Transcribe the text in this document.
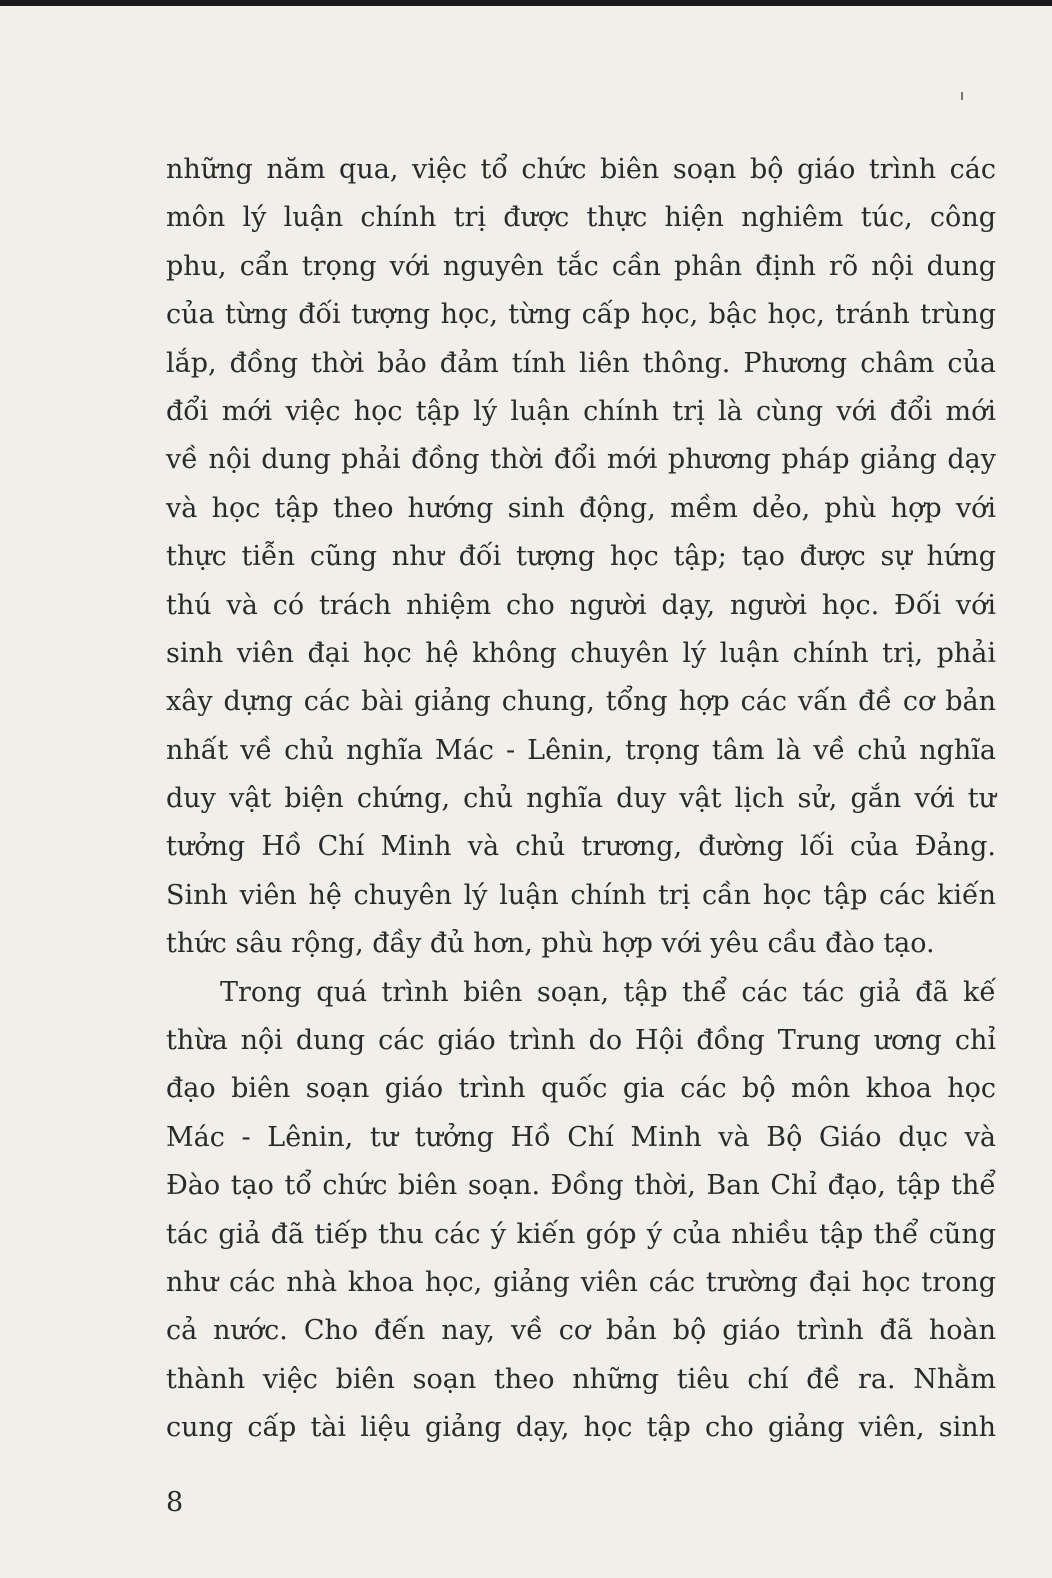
những năm qua, việc tổ chức biên soạn bộ giáo trình các
môn lý luận chính trị được thực hiện nghiêm túc, công
phu, cẩn trọng với nguyên tắc cần phân định rõ nội dung
của từng đối tượng học, từng cấp học, bậc học, tránh trùng
lắp, đồng thời bảo đảm tính liên thông. Phương châm của
đổi mới việc học tập lý luận chính trị là cùng với đổi mới
về nội dung phải đồng thời đổi mới phương pháp giảng dạy
và học tập theo hướng sinh động, mềm dẻo, phù hợp với
thực tiễn cũng như đối tượng học tập; tạo được sự hứng
thú và có trách nhiệm cho người dạy, người học. Đối với
sinh viên đại học hệ không chuyên lý luận chính trị, phải
xây dựng các bài giảng chung, tổng hợp các vấn đề cơ bản
nhất về chủ nghĩa Mác - Lênin, trọng tâm là về chủ nghĩa
duy vật biện chứng, chủ nghĩa duy vật lịch sử, gắn với tư
tưởng Hồ Chí Minh và chủ trương, đường lối của Đảng.
Sinh viên hệ chuyên lý luận chính trị cần học tập các kiến
thức sâu rộng, đầy đủ hơn, phù hợp với yêu cầu đào tạo.
Trong quá trình biên soạn, tập thể các tác giả đã kế
thừa nội dung các giáo trình do Hội đồng Trung ương chỉ
đạo biên soạn giáo trình quốc gia các bộ môn khoa học
Mác - Lênin, tư tưởng Hồ Chí Minh và Bộ Giáo dục và
Đào tạo tổ chức biên soạn. Đồng thời, Ban Chỉ đạo, tập thể
tác giả đã tiếp thu các ý kiến góp ý của nhiều tập thể cũng
như các nhà khoa học, giảng viên các trường đại học trong
cả nước. Cho đến nay, về cơ bản bộ giáo trình đã hoàn
thành việc biên soạn theo những tiêu chí đề ra. Nhằm
cung cấp tài liệu giảng dạy, học tập cho giảng viên, sinh
8
